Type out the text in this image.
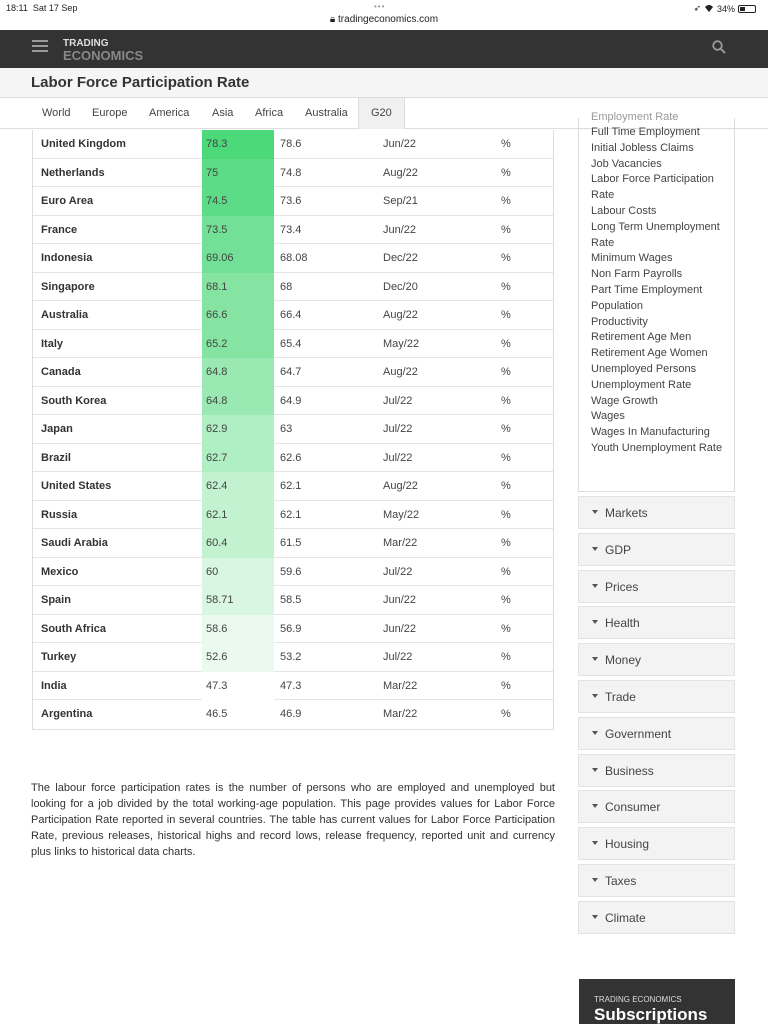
18:11 Sat 17 Sep	•••
🔒︎ tradingeconomics.com
➶ 34%
TRADING
ECONOMICS
Labor Force Participation Rate
World Europe America Asia Africa Australia	G20
United Kingdom	78.3	78.6	Jun/22	%
Netherlands	75	74.8	Aug/22	%
Euro Area	74.5	73.6	Sep/21	%
France	73.5	73.4	Jun/22	%
Indonesia	69.06	68.08	Dec/22	%
Singapore	68.1	68	Dec/20	%
Australia	66.6	66.4	Aug/22	%
Italy	65.2	65.4	May/22	%
Canada	64.8	64.7	Aug/22	%
South Korea	64.8	64.9	Jul/22	%
Japan	62.9	63	Jul/22	%
Brazil	62.7	62.6	Jul/22	%
United States	62.4	62.1	Aug/22	%
Russia	62.1	62.1	May/22	%
Saudi Arabia	60.4	61.5	Mar/22	%
Mexico	60	59.6	Jul/22	%
Spain	58.71	58.5	Jun/22	%
South Africa	58.6	56.9	Jun/22	%
Turkey	52.6	53.2	Jul/22	%
India	47.3	47.3	Mar/22	%
Argentina	46.5	46.9	Mar/22	%

The labour force participation rates is the number of persons who are employed and unemployed but looking for a job divided by the total working-age population. This page provides values for Labor Force Participation Rate reported in several countries. The table has current values for Labor Force Participation Rate, previous releases, historical highs and record lows, release frequency, reported unit and currency plus links to historical data charts.

Employment Rate
Full Time Employment
Initial Jobless Claims
Job Vacancies
Labor Force Participation Rate
Labour Costs
Long Term Unemployment Rate
Minimum Wages
Non Farm Payrolls
Part Time Employment
Population
Productivity
Retirement Age Men
Retirement Age Women
Unemployed Persons
Unemployment Rate
Wage Growth
Wages
Wages In Manufacturing
Youth Unemployment Rate
Markets
GDP
Prices
Health
Money
Trade
Government
Business
Consumer
Housing
Taxes
Climate
TRADING ECONOMICS
Subscriptions
